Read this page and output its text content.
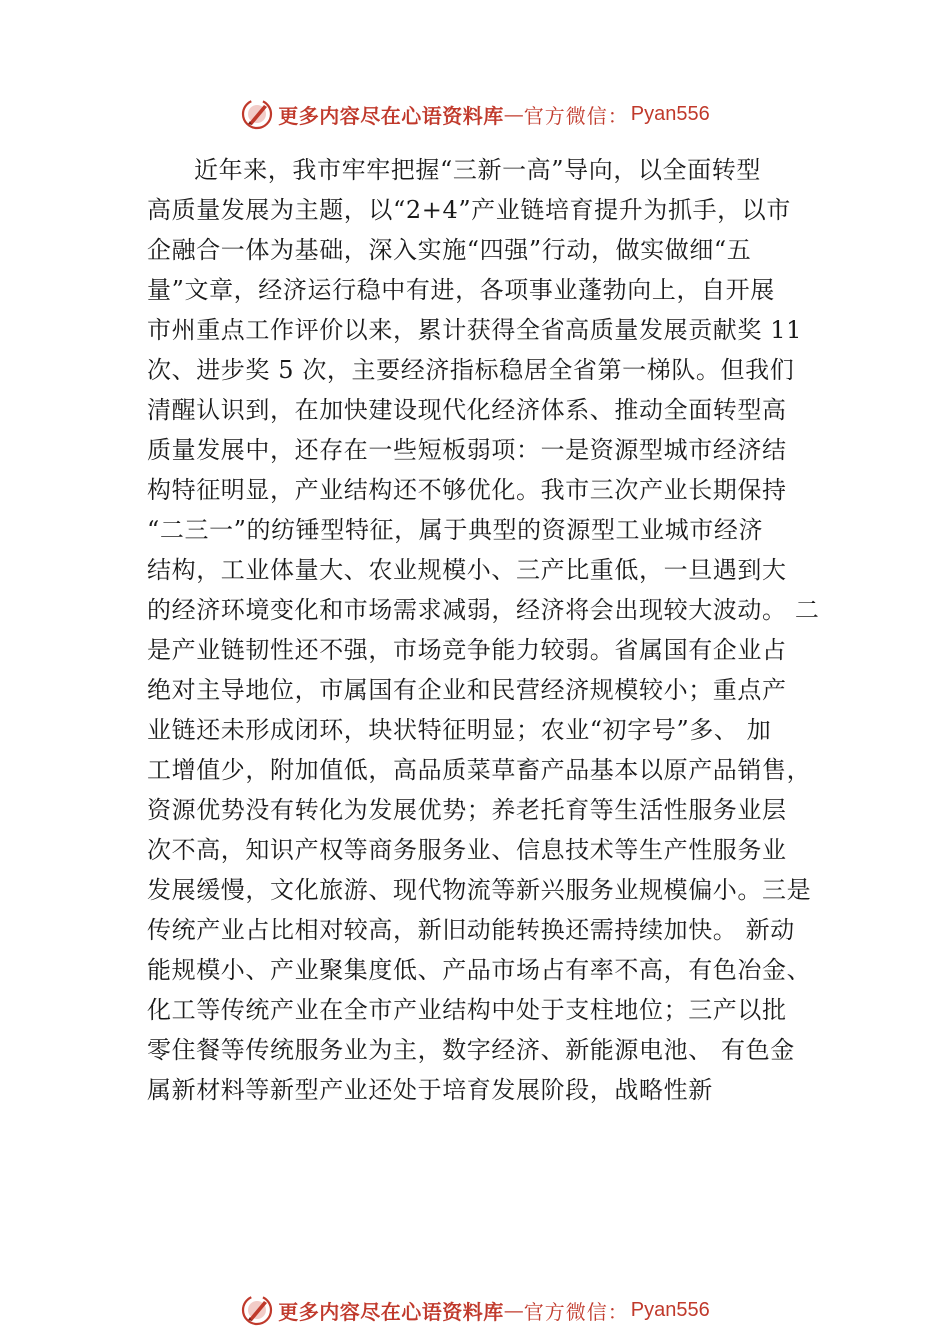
更多内容尽在心语资料库 — 官方微信： Pyan556
近年来，我市牢牢把握“三新一高”导向，以全面转型
高质量发展为主题，以“2+4”产业链培育提升为抓手，以市
企融合一体为基础，深入实施“四强”行动，做实做细“五
量”文章，经济运行稳中有进，各项事业蓬勃向上，自开展
市州重点工作评价以来，累计获得全省高质量发展贡献奖 11
次、进步奖 5 次，主要经济指标稳居全省第一梯队。但我们
清醒认识到，在加快建设现代化经济体系、推动全面转型高
质量发展中，还存在一些短板弱项：一是资源型城市经济结
构特征明显，产业结构还不够优化。我市三次产业长期保持
“二三一”的纺锤型特征，属于典型的资源型工业城市经济
结构，工业体量大、农业规模小、三产比重低，一旦遇到大
的经济环境变化和市场需求减弱，经济将会出现较大波动。 二
是产业链韧性还不强，市场竞争能力较弱。省属国有企业占
绝对主导地位，市属国有企业和民营经济规模较小；重点产
业链还未形成闭环，块状特征明显；农业“初字号”多、 加
工增值少，附加值低，高品质菜草畜产品基本以原产品销售，
资源优势没有转化为发展优势；养老托育等生活性服务业层
次不高，知识产权等商务服务业、信息技术等生产性服务业
发展缓慢，文化旅游、现代物流等新兴服务业规模偏小。三是
传统产业占比相对较高，新旧动能转换还需持续加快。 新动
能规模小、产业聚集度低、产品市场占有率不高，有色冶金、
化工等传统产业在全市产业结构中处于支柱地位；三产以批
零住餐等传统服务业为主，数字经济、新能源电池、 有色金
属新材料等新型产业还处于培育发展阶段，战略性新
更多内容尽在心语资料库 — 官方微信： Pyan556
